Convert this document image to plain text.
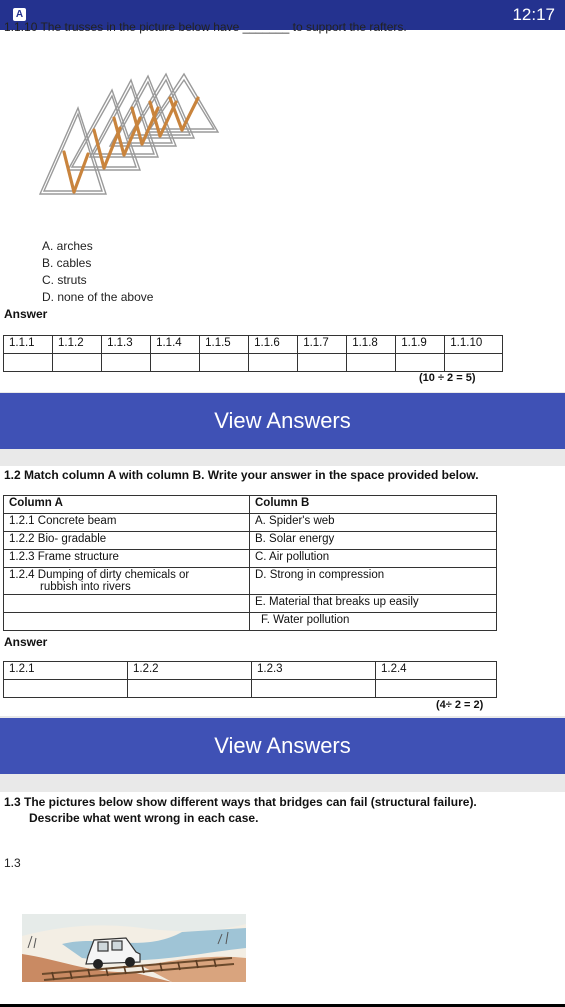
A	12:17
1.1.10 The trusses in the picture below have _______ to support the rafters.
A. arches
B. cables
C. struts
D. none of the above
Answer
1.1.1	1.1.2	1.1.3	1.1.4	1.1.5	1.1.6	1.1.7	1.1.8	1.1.9	1.1.10

(10 ÷ 2 = 5)
View Answers
1.2 Match column A with column B. Write your answer in the space provided below.
Column A	Column B
1.2.1 Concrete beam	A. Spider's web
1.2.2 Bio- gradable	B. Solar energy
1.2.3 Frame structure	C. Air pollution

1.2.4 Dumping of dirty chemicals or
rubbish into rivers	D. Strong in compression
	E. Material that breaks up easily
	F. Water pollution
Answer
1.2.1	1.2.2	1.2.3	1.2.4

(4÷ 2 = 2)
View Answers
1.3 The pictures below show different ways that bridges can fail (structural failure).
Describe what went wrong in each case.
1.3
